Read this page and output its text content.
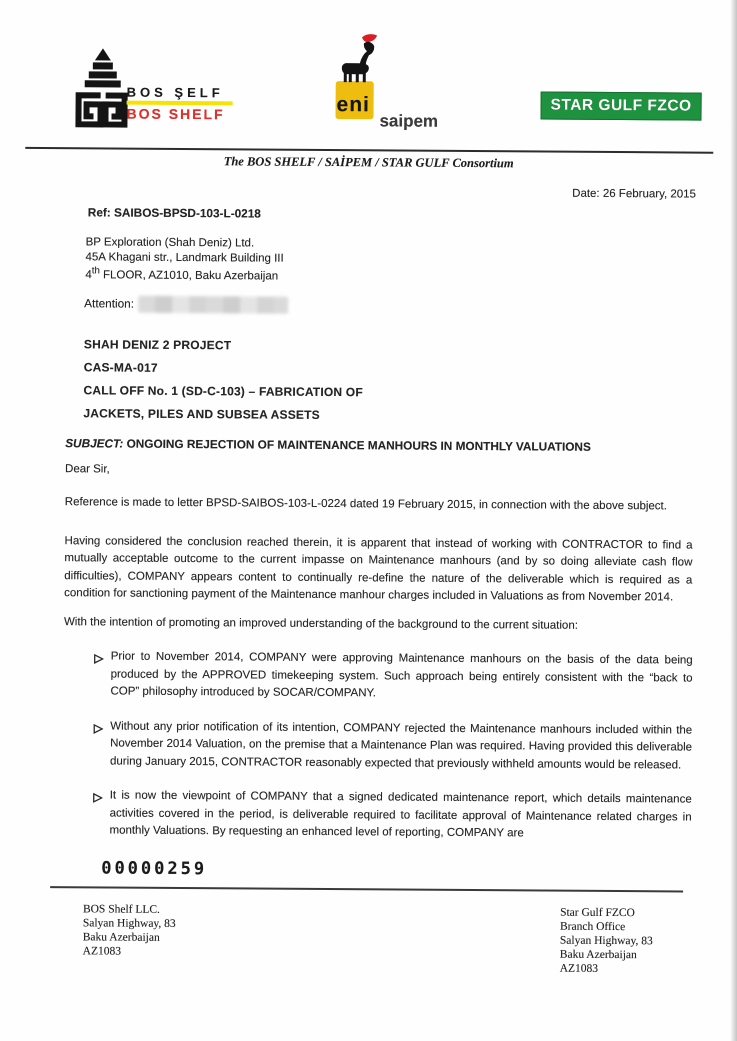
BOS ŞELF
BOS SHELF	eni
saipem
STAR GULF FZCO
The BOS SHELF / SAİPEM / STAR GULF Consortium
Date: 26 February, 2015
Ref: SAIBOS-BPSD-103-L-0218
BP Exploration (Shah Deniz) Ltd.
45A Khagani str., Landmark Building III
4th FLOOR, AZ1010, Baku Azerbaijan
Attention:
SHAH DENIZ 2 PROJECT
CAS-MA-017
CALL OFF No. 1 (SD-C-103) – FABRICATION OF
JACKETS, PILES AND SUBSEA ASSETS
SUBJECT: ONGOING REJECTION OF MAINTENANCE MANHOURS IN MONTHLY VALUATIONS
Dear Sir,

Reference is made to letter BPSD-SAIBOS-103-L-0224 dated 19 February 2015, in connection with the above subject.

Having considered the conclusion reached therein, it is apparent that instead of working with CONTRACTOR to find a mutually acceptable outcome to the current impasse on Maintenance manhours (and by so doing alleviate cash flow difficulties), COMPANY appears content to continually re-define the nature of the deliverable which is required as a condition for sanctioning payment of the Maintenance manhour charges included in Valuations as from November 2014.

With the intention of promoting an improved understanding of the background to the current situation:

Prior to November 2014, COMPANY were approving Maintenance manhours on the basis of the data being produced by the APPROVED timekeeping system. Such approach being entirely consistent with the “back to COP” philosophy introduced by SOCAR/COMPANY.
Without any prior notification of its intention, COMPANY rejected the Maintenance manhours included within the November 2014 Valuation, on the premise that a Maintenance Plan was required. Having provided this deliverable during January 2015, CONTRACTOR reasonably expected that previously withheld amounts would be released.
It is now the viewpoint of COMPANY that a signed dedicated maintenance report, which details maintenance activities covered in the period, is deliverable required to facilitate approval of Maintenance related charges in monthly Valuations. By requesting an enhanced level of reporting, COMPANY are
00000259
BOS Shelf LLC.
Salyan Highway, 83
Baku Azerbaijan
AZ1083
Star Gulf FZCO
Branch Office
Salyan Highway, 83
Baku Azerbaijan
AZ1083
